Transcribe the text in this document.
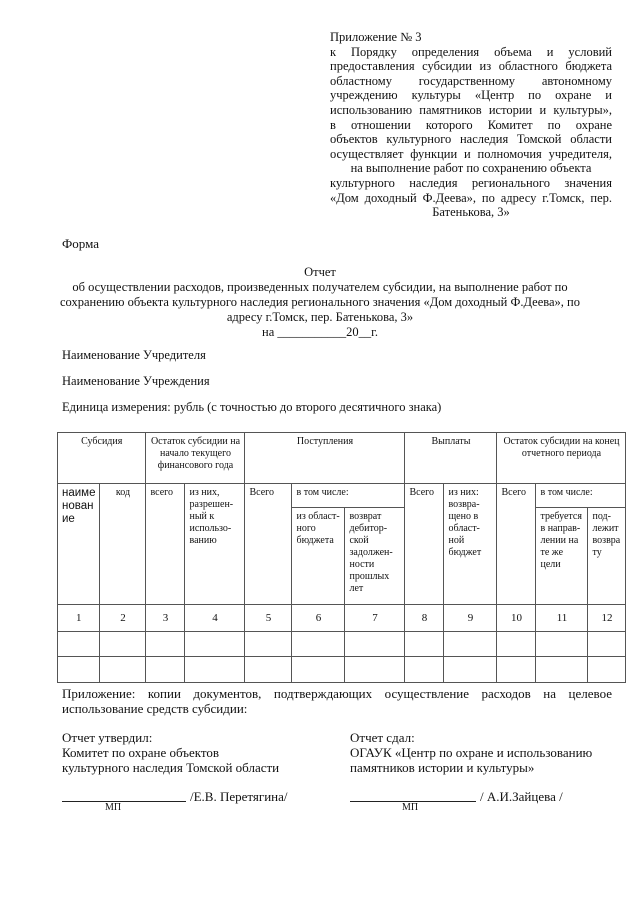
Приложение № 3
к Порядку определения объема и условий
предоставления субсидии из областного бюджета
областному государственному автономному
учреждению культуры «Центр по охране и
использованию памятников истории и культуры»,
в отношении которого Комитет по охране
объектов культурного наследия Томской области
осуществляет функции и полномочия учредителя,
на выполнение работ по сохранению объекта
культурного наследия регионального значения
«Дом доходный Ф.Деева», по адресу г.Томск, пер.
Батенькова, 3»
Форма
Отчет
об осуществлении расходов, произведенных получателем субсидии, на выполнение работ по
сохранению объекта культурного наследия регионального значения «Дом доходный Ф.Деева», по
адресу г.Томск, пер. Батенькова, 3»
на ___________20__г.
Наименование Учредителя
Наименование Учреждения
Единица измерения: рубль (с точностью до второго десятичного знака)
Субсидия		Остаток субсидии на начало текущего финансового года		Поступления			Выплаты		Остаток субсидии на конец отчетного периода		
наиме нован ие	код	всего	из них, разрешен-ный к использо-ванию	Всего	в том числе:		Всего	из них: возвра-щено в област-ной бюджет	Всего	в том числе:	
					из област-ного бюджета	возврат дебитор-ской задолжен-ности прошлых лет				требуется в направ-лении на те же цели	под-лежит возвра ту
1	2	3	4	5	6	7	8	9	10	11	12

Приложение: копии документов, подтверждающих осуществление расходов на целевое использование средств субсидии:
Отчет утвердил:
Комитет по охране объектов
культурного наследия Томской области
Отчет сдал:
ОГАУК «Центр по охране и использованию
памятников истории и культуры»
/Е.В. Перетягина/
МП
/ А.И.Зайцева /
МП
